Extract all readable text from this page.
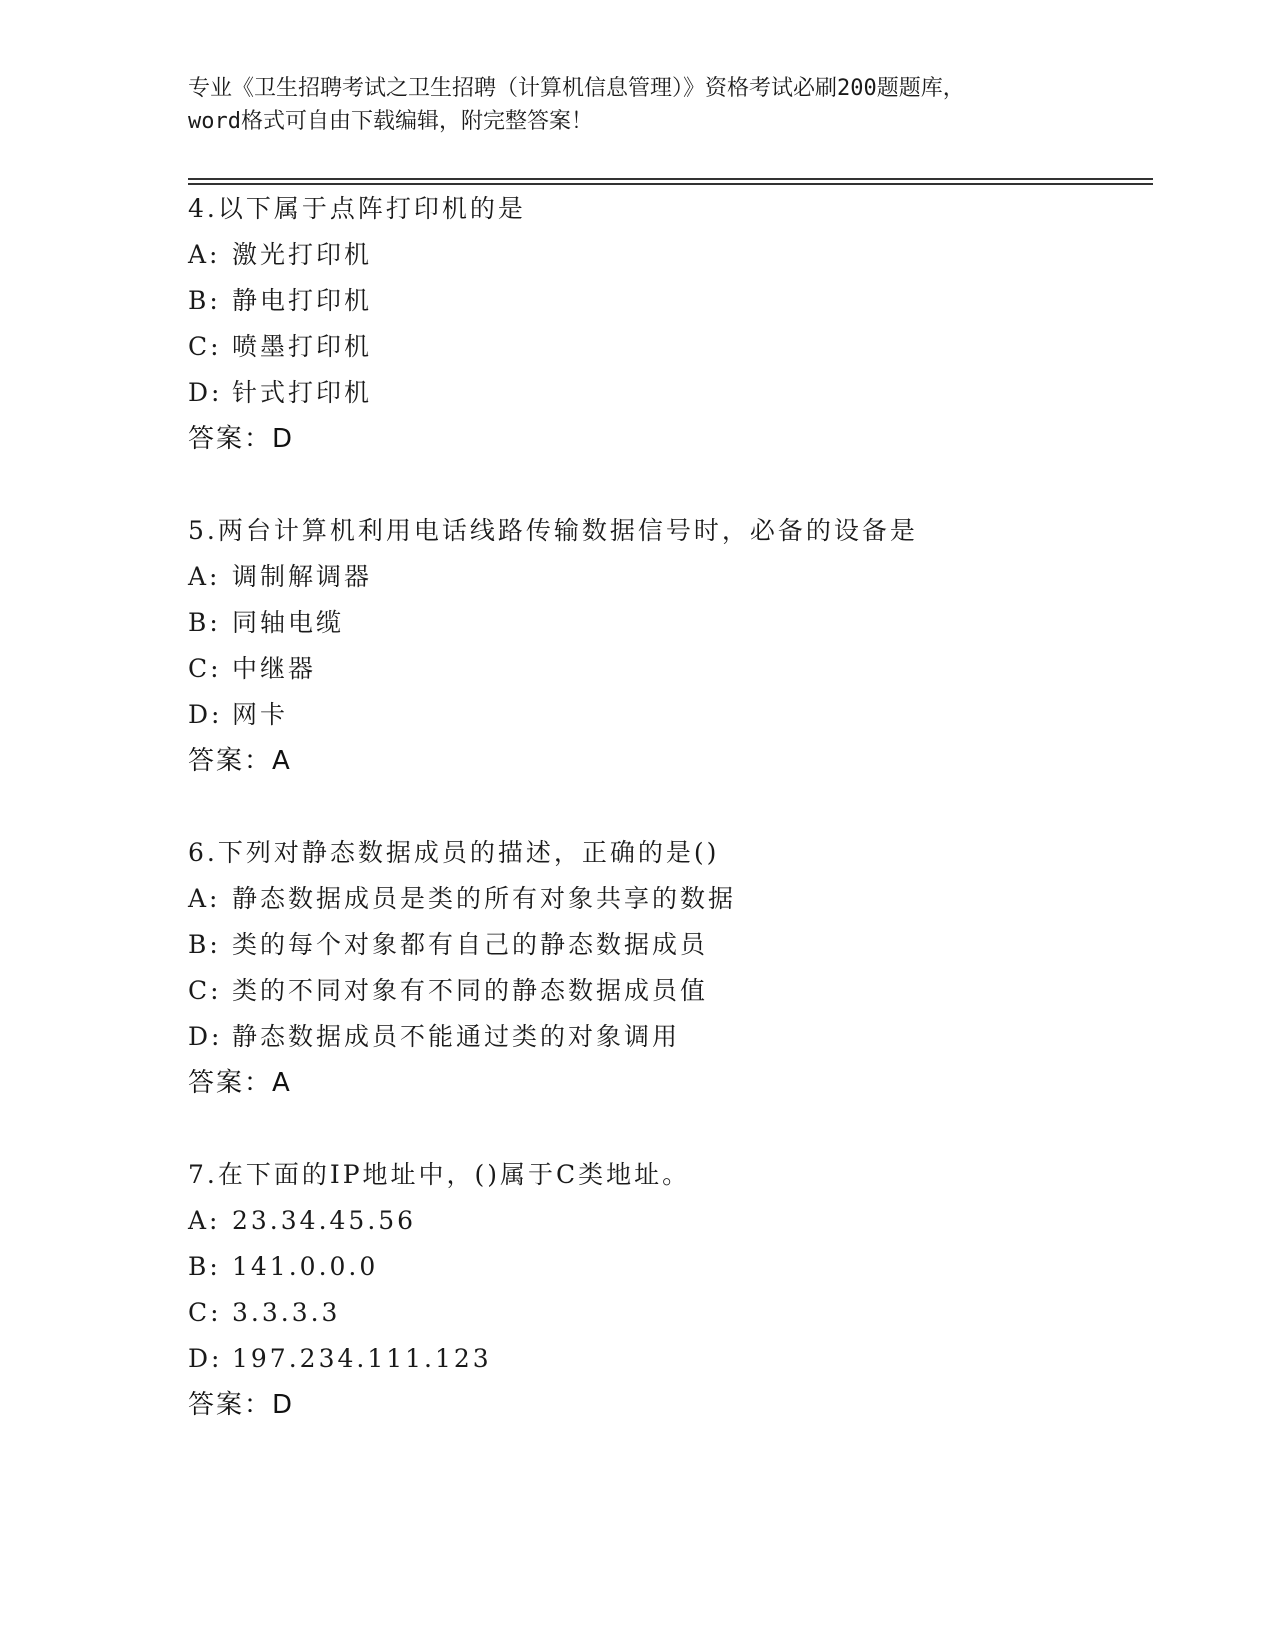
专业《卫生招聘考试之卫生招聘（计算机信息管理）》资格考试必刷200题题库，
word格式可自由下载编辑，附完整答案！
4.以下属于点阵打印机的是
A: 激光打印机
B: 静电打印机
C: 喷墨打印机
D: 针式打印机
答案：D
5.两台计算机利用电话线路传输数据信号时，必备的设备是
A: 调制解调器
B: 同轴电缆
C: 中继器
D: 网卡
答案：A
6.下列对静态数据成员的描述，正确的是()
A: 静态数据成员是类的所有对象共享的数据
B: 类的每个对象都有自己的静态数据成员
C: 类的不同对象有不同的静态数据成员值
D: 静态数据成员不能通过类的对象调用
答案：A
7.在下面的IP地址中，()属于C类地址。
A: 23.34.45.56
B: 141.0.0.0
C: 3.3.3.3
D: 197.234.111.123
答案：D
